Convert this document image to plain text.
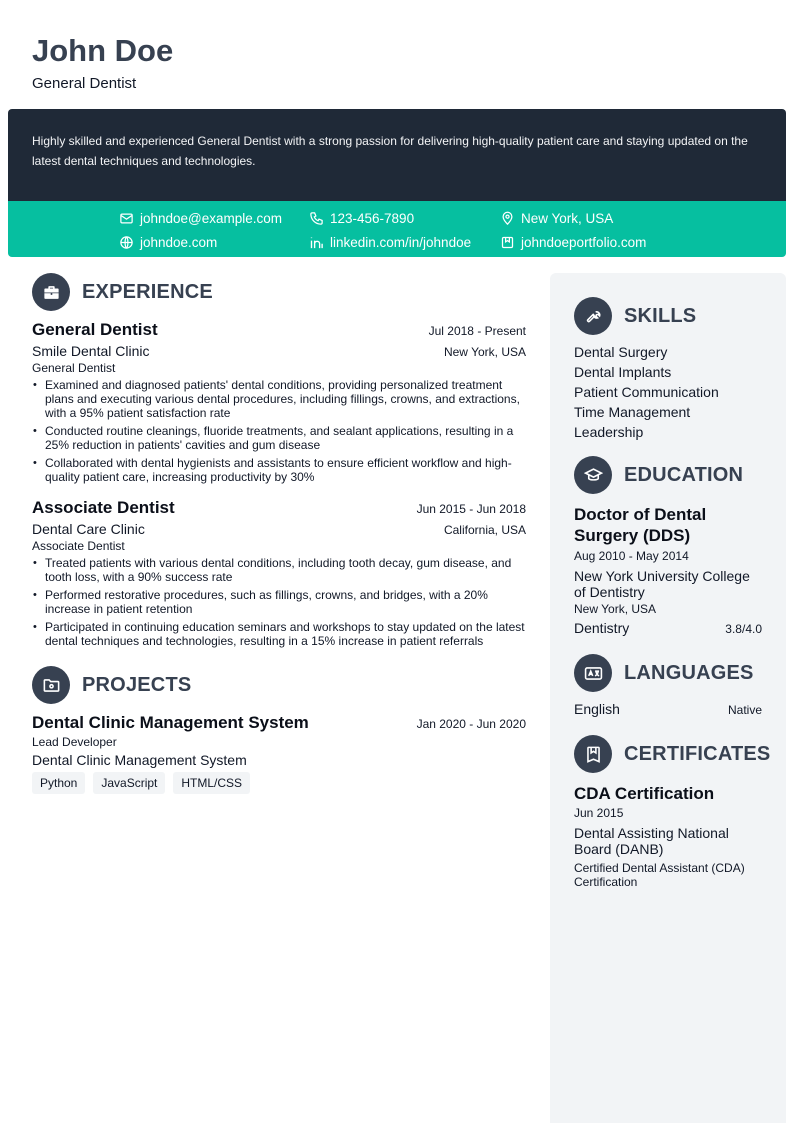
John Doe
General Dentist

Highly skilled and experienced General Dentist with a strong passion for delivering high-quality patient care and staying updated on the latest dental techniques and technologies.

johndoe@example.com	123-456-7890	New York, USA
johndoe.com	linkedin.com/in/johndoe	johndoeportfolio.com
EXPERIENCE
General Dentist	Jul 2018 - Present
Smile Dental Clinic	New York, USA
General Dentist
• Examined and diagnosed patients' dental conditions, providing personalized treatment plans and executing various dental procedures, including fillings, crowns, and extractions, with a 95% patient satisfaction rate
• Conducted routine cleanings, fluoride treatments, and sealant applications, resulting in a 25% reduction in patients' cavities and gum disease
• Collaborated with dental hygienists and assistants to ensure efficient workflow and high-quality patient care, increasing productivity by 30%
Associate Dentist	Jun 2015 - Jun 2018
Dental Care Clinic	California, USA
Associate Dentist
• Treated patients with various dental conditions, including tooth decay, gum disease, and tooth loss, with a 90% success rate
• Performed restorative procedures, such as fillings, crowns, and bridges, with a 20% increase in patient retention
• Participated in continuing education seminars and workshops to stay updated on the latest dental techniques and technologies, resulting in a 15% increase in patient referrals
PROJECTS
Dental Clinic Management System	Jan 2020 - Jun 2020
Lead Developer
Dental Clinic Management System
Python	JavaScript	HTML/CSS
SKILLS
Dental Surgery
Dental Implants
Patient Communication
Time Management
Leadership
EDUCATION
Doctor of Dental Surgery (DDS)
Aug 2010 - May 2014
New York University College of Dentistry
New York, USA
Dentistry	3.8/4.0
LANGUAGES
English	Native
CERTIFICATES
CDA Certification
Jun 2015
Dental Assisting National Board (DANB)
Certified Dental Assistant (CDA) Certification
